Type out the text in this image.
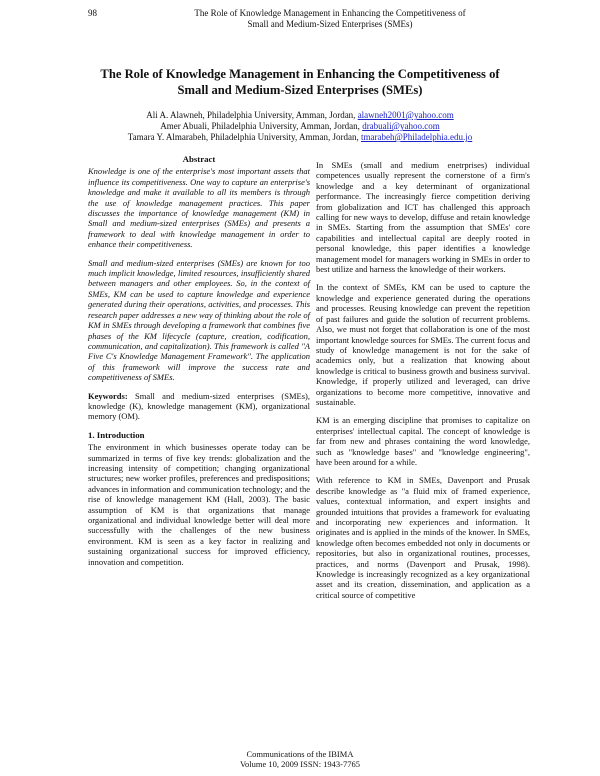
98	The Role of Knowledge Management in Enhancing the Competitiveness of
Small and Medium-Sized Enterprises (SMEs)
The Role of Knowledge Management in Enhancing the Competitiveness of
Small and Medium-Sized Enterprises (SMEs)
Ali A. Alawneh, Philadelphia University, Amman, Jordan, alawneh2001@yahoo.com
Amer Abuali, Philadelphia University, Amman, Jordan, drabuali@yahoo.com
Tamara Y. Almarabeh, Philadelphia University, Amman, Jordan, tmarabeh@Philadelphia.edu.jo
Abstract

Knowledge is one of the enterprise's most important assets that influence its competitiveness. One way to capture an enterprise's knowledge and make it available to all its members is through the use of knowledge management practices. This paper discusses the importance of knowledge management (KM) in Small and medium-sized enterprises (SMEs) and presents a framework to deal with knowledge management in order to enhance their competitiveness.

Small and medium-sized enterprises (SMEs) are known for too much implicit knowledge, limited resources, insufficiently shared between managers and other employees. So, in the context of SMEs, KM can be used to capture knowledge and experience generated during their operations, activities, and processes. This research paper addresses a new way of thinking about the role of KM in SMEs through developing a framework that combines five phases of the KM lifecycle (capture, creation, codification, communication, and capitalization). This framework is called "A Five C's Knowledge Management Framework". The application of this framework will improve the success rate and competitiveness of SMEs.

Keywords: Small and medium-sized enterprises (SMEs), knowledge (K), knowledge management (KM), organizational memory (OM).

1. Introduction

The environment in which businesses operate today can be summarized in terms of five key trends: globalization and the increasing intensity of competition; changing organizational structures; new worker profiles, preferences and predispositions; advances in information and communication technology; and the rise of knowledge management KM (Hall, 2003). The basic assumption of KM is that organizations that manage organizational and individual knowledge better will deal more successfully with the challenges of the new business environment. KM is seen as a key factor in realizing and sustaining organizational success for improved efficiency, innovation and competition.

In SMEs (small and medium enetrprises) individual competences usually represent the cornerstone of a firm's knowledge and a key determinant of organizational performance. The increasingly fierce competition deriving from globalization and ICT has challenged this approach calling for new ways to develop, diffuse and retain knowledge in SMEs. Starting from the assumption that SMEs' core capabilities and intellectual capital are deeply rooted in personal knowledge, this paper identifies a knowledge management model for managers working in SMEs in order to best utilize and harness the knowledge of their workers.

In the context of SMEs, KM can be used to capture the knowledge and experience generated during the operations and processes. Reusing knowledge can prevent the repetition of past failures and guide the solution of recurrent problems. Also, we must not forget that collaboration is one of the most important knowledge sources for SMEs. The current focus and study of knowledge management is not for the sake of academics only, but a realization that knowing about knowledge is critical to business growth and business survival. Knowledge, if properly utilized and leveraged, can drive organizations to become more competitive, innovative and sustainable.

KM is an emerging discipline that promises to capitalize on enterprises' intellectual capital. The concept of knowledge is far from new and phrases containing the word knowledge, such as "knowledge bases" and "knowledge engineering", have been around for a while.

With reference to KM in SMEs, Davenport and Prusak describe knowledge as "a fluid mix of framed experience, values, contextual information, and expert insights and grounded intuitions that provides a framework for evaluating and incorporating new experiences and information. It originates and is applied in the minds of the knower. In SMEs, knowledge often becomes embedded not only in documents or repositories, but also in organizational routines, processes, practices, and norms (Davenport and Prusak, 1998). Knowledge is increasingly recognized as a key organizational asset and its creation, dissemination, and application as a critical source of competitive

Communications of the IBIMA
Volume 10, 2009 ISSN: 1943-7765
